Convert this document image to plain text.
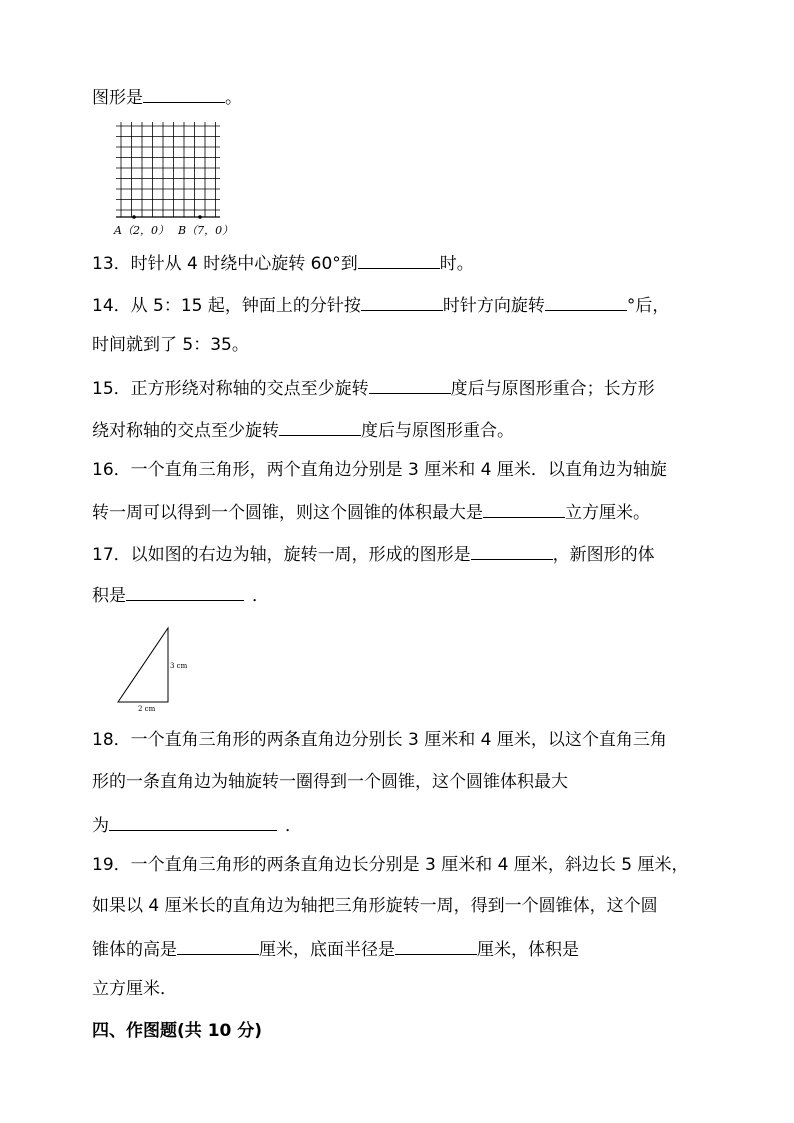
图形是	。
A（2，0） B（7，0）
13．时针从 4 时绕中心旋转 60°到	时。
14．从 5：15 起，钟面上的分针按	时针方向旋转	°后，
时间就到了 5：35。
15．正方形绕对称轴的交点至少旋转	度后与原图形重合；长方形
绕对称轴的交点至少旋转	度后与原图形重合。
16．一个直角三角形，两个直角边分别是 3 厘米和 4 厘米．以直角边为轴旋
转一周可以得到一个圆锥，则这个圆锥的体积最大是	立方厘米。
17．以如图的右边为轴，旋转一周，形成的图形是	，新图形的体
积是	．
3 cm
2 cm
18．一个直角三角形的两条直角边分别长 3 厘米和 4 厘米，以这个直角三角
形的一条直角边为轴旋转一圈得到一个圆锥，这个圆锥体积最大
为	．
19．一个直角三角形的两条直角边长分别是 3 厘米和 4 厘米，斜边长 5 厘米，
如果以 4 厘米长的直角边为轴把三角形旋转一周，得到一个圆锥体，这个圆
锥体的高是	厘米，底面半径是	厘米，体积是
立方厘米．
四、作图题(共 10 分)
